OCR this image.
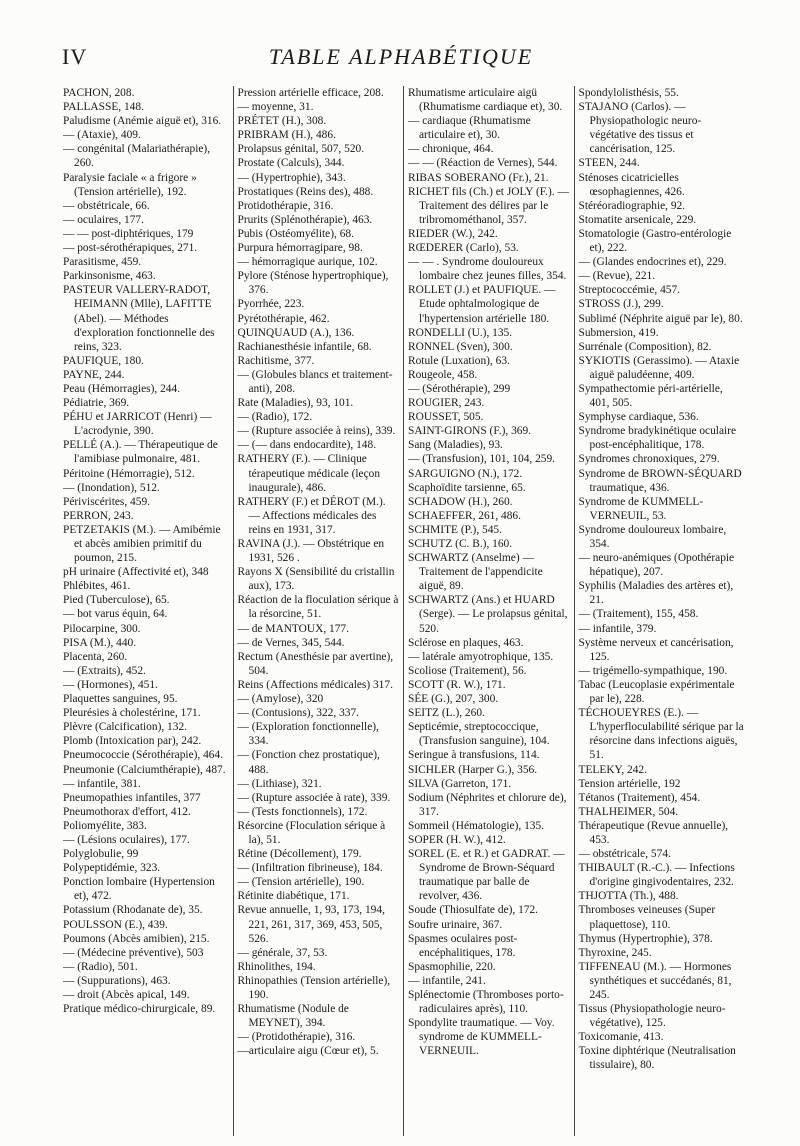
IV	TABLE ALPHABÉTIQUE
PACHON, 208.
PALLASSE, 148.
Paludisme (Anémie aiguë et), 316.
— (Ataxie), 409.
— congénital (Malariathérapie), 260.
Paralysie faciale « a frigore » (Tension artérielle), 192.
— obstétricale, 66.
— oculaires, 177.
— — post-diphtériques, 179
— post-sérothérapiques, 271.
Parasitisme, 459.
Parkinsonisme, 463.
PASTEUR VALLERY-RADOT, HEIMANN (Mlle), LAFITTE (Abel). — Méthodes d'exploration fonctionnelle des reins, 323.
PAUFIQUE, 180.
PAYNE, 244.
Peau (Hémorragies), 244.
Pédiatrie, 369.
PÉHU et JARRICOT (Henri) — L'acrodynie, 390.
PELLÉ (A.). — Thérapeutique de l'amibiase pulmonaire, 481.
Péritoine (Hémorragie), 512.
— (Inondation), 512.
Périviscérites, 459.
PERRON, 243.
PETZETAKIS (M.). — Amibémie et abcès amibien primitif du poumon, 215.
pH urinaire (Affectivité et), 348
Phlébites, 461.
Pied (Tuberculose), 65.
— bot varus équin, 64.
Pilocarpine, 300.
PISA (M.), 440.
Placenta, 260.
— (Extraits), 452.
— (Hormones), 451.
Plaquettes sanguines, 95.
Pleurésies à cholestérine, 171.
Plèvre (Calcification), 132.
Plomb (Intoxication par), 242.
Pneumococcie (Sérothérapie), 464.
Pneumonie (Calciumthérapie), 487.
— infantile, 381.
Pneumopathies infantiles, 377
Pneumothorax d'effort, 412.
Poliomyélite, 383.
— (Lésions oculaires), 177.
Polyglobulie, 99
Polypeptidémie, 323.
Ponction lombaire (Hypertension et), 472.
Potassium (Rhodanate de), 35.
POULSSON (E.), 439.
Poumons (Abcès amibien), 215.
— (Médecine préventive), 503
— (Radio), 501.
— (Suppurations), 463.
— droit (Abcès apical, 149.
Pratique médico-chirurgicale, 89.
Pression artérielle efficace, 208.
— moyenne, 31.
PRÉTET (H.), 308.
PRIBRAM (H.), 486.
Prolapsus génital, 507, 520.
Prostate (Calculs), 344.
— (Hypertrophie), 343.
Prostatiques (Reins des), 488.
Protidothérapie, 316.
Prurits (Splénothérapie), 463.
Pubis (Ostéomyélite), 68.
Purpura hémorragipare, 98.
— hémorragique aurique, 102.
Pylore (Sténose hypertrophique), 376.
Pyorrhée, 223.
Pyrétothérapie, 462.
QUINQUAUD (A.), 136.
Rachianesthésie infantile, 68.
Rachitisme, 377.
— (Globules blancs et traitement-anti), 208.
Rate (Maladies), 93, 101.
— (Radio), 172.
— (Rupture associée à reins), 339.
— (— dans endocardite), 148.
RATHERY (F.). — Clinique térapeutique médicale (leçon inaugurale), 486.
RATHERY (F.) et DÉROT (M.). — Affections médicales des reins en 1931, 317.
RAVINA (J.). — Obstétrique en 1931, 526 .
Rayons X (Sensibilité du cristallin aux), 173.
Réaction de la floculation sérique à la résorcine, 51.
— de MANTOUX, 177.
— de Vernes, 345, 544.
Rectum (Anesthésie par avertine), 504.
Reins (Affections médicales) 317.
— (Amylose), 320
— (Contusions), 322, 337.
— (Exploration fonctionnelle), 334.
— (Fonction chez prostatique), 488.
— (Lithiase), 321.
— (Rupture associée à rate), 339.
— (Tests fonctionnels), 172.
Résorcine (Floculation sérique à la), 51.
Rétine (Décollement), 179.
— (Infiltration fibrineuse), 184.
— (Tension artérielle), 190.
Rétinite diabétique, 171.
Revue annuelle, 1, 93, 173, 194, 221, 261, 317, 369, 453, 505, 526.
— générale, 37, 53.
Rhinolithes, 194.
Rhinopathies (Tension artérielle), 190.
Rhumatisme (Nodule de MEYNET), 394.
— (Protidothérapie), 316.
—articulaire aigu (Cœur et), 5.
Rhumatisme articulaire aigü (Rhumatisme cardiaque et), 30.
— cardiaque (Rhumatisme articulaire et), 30.
— chronique, 464.
— — (Réaction de Vernes), 544.
RIBAS SOBERANO (Fr.), 21.
RICHET fils (Ch.) et JOLY (F.). — Traitement des délires par le tribromométhanol, 357.
RIEDER (W.), 242.
RŒDERER (Carlo), 53.
— — . Syndrome douloureux lombaire chez jeunes filles, 354.
ROLLET (J.) et PAUFIQUE. — Etude ophtalmologique de l'hypertension artérielle 180.
RONDELLI (U.), 135.
RONNEL (Sven), 300.
Rotule (Luxation), 63.
Rougeole, 458.
— (Sérothérapie), 299
ROUGIER, 243.
ROUSSET, 505.
SAINT-GIRONS (F.), 369.
Sang (Maladies), 93.
— (Transfusion), 101, 104, 259.
SARGUIGNO (N.), 172.
Scaphoïdite tarsienne, 65.
SCHADOW (H.), 260.
SCHAEFFER, 261, 486.
SCHMITE (P.), 545.
SCHUTZ (C. B.), 160.
SCHWARTZ (Anselme) — Traitement de l'appendicite aiguë, 89.
SCHWARTZ (Ans.) et HUARD (Serge). — Le prolapsus génital, 520.
Sclérose en plaques, 463.
— latérale amyotrophique, 135.
Scoliose (Traitement), 56.
SCOTT (R. W.), 171.
SÉE (G.), 207, 300.
SEITZ (L.), 260.
Septicémie, streptococcique, (Transfusion sanguine), 104.
Seringue à transfusions, 114.
SICHLER (Harper G.), 356.
SILVA (Garreton, 171.
Sodium (Néphrites et chlorure de), 317.
Sommeil (Hématologie), 135.
SOPER (H. W.), 412.
SOREL (E. et R.) et GADRAT. — Syndrome de Brown-Séquard traumatique par balle de revolver, 436.
Soude (Thiosulfate de), 172.
Soufre urinaire, 367.
Spasmes oculaires post-encéphalitiques, 178.
Spasmophilie, 220.
— infantile, 241.
Splénectomie (Thromboses porto-radiculaires après), 110.
Spondylite traumatique. — Voy. syndrome de KUMMELL-VERNEUIL.
Spondylolisthésis, 55.
STAJANO (Carlos). — Physiopathologic neuro-végétative des tissus et cancérisation, 125.
STEEN, 244.
Sténoses cicatricielles œsophagiennes, 426.
Stéréoradiographie, 92.
Stomatite arsenicale, 229.
Stomatologie (Gastro-entérologie et), 222.
— (Glandes endocrines et), 229.
— (Revue), 221.
Streptococcémie, 457.
STROSS (J.), 299.
Sublimé (Néphrite aiguë par le), 80.
Submersion, 419.
Surrénale (Composition), 82.
SYKIOTIS (Gerassimo). — Ataxie aiguë paludéenne, 409.
Sympathectomie péri-artérielle, 401, 505.
Symphyse cardiaque, 536.
Syndrome bradykinétique oculaire post-encéphalitique, 178.
Syndromes chronoxiques, 279.
Syndrome de BROWN-SÉQUARD traumatique, 436.
Syndrome de KUMMELL-VERNEUIL, 53.
Syndrome douloureux lombaire, 354.
— neuro-anémiques (Opothérapie hépatique), 207.
Syphilis (Maladies des artères et), 21.
— (Traitement), 155, 458.
— infantile, 379.
Système nerveux et cancérisation, 125.
— trigémello-sympathique, 190.
Tabac (Leucoplasie expérimentale par le), 228.
TÉCHOUEYRES (E.). — L'hyperfloculabilité sérique par la résorcine dans infections aiguës, 51.
TELEKY, 242.
Tension artérielle, 192
Tétanos (Traitement), 454.
THALHEIMER, 504.
Thérapeutique (Revue annuelle), 453.
— obstétricale, 574.
THIBAULT (R.-C.). — Infections d'origine gingivodentaires, 232.
THJOTTA (Th.), 488.
Thromboses veineuses (Super plaquettose), 110.
Thymus (Hypertrophie), 378.
Thyroxine, 245.
TIFFENEAU (M.). — Hormones synthétiques et succédanés, 81, 245.
Tissus (Physiopathologie neuro-végétative), 125.
Toxicomanie, 413.
Toxine diphtérique (Neutralisation tissulaire), 80.
